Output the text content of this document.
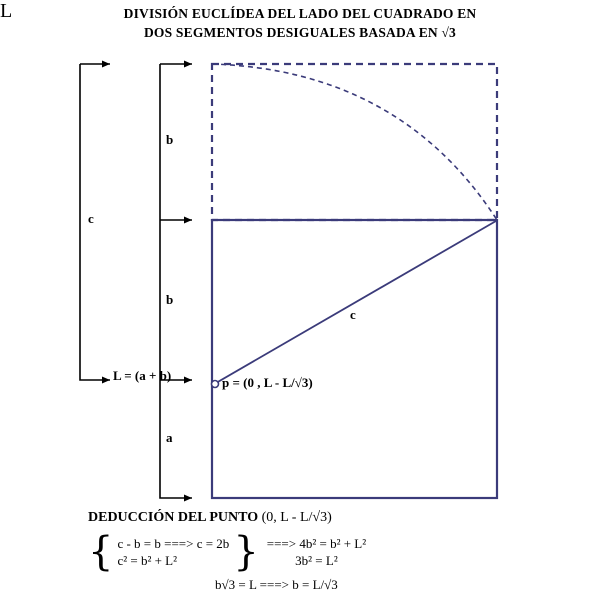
DIVISIÓN EUCLÍDEA DEL LADO DEL CUADRADO EN
DOS SEGMENTOS DESIGUALES BASADA EN √3
b
c
b
L = (a + b)
a
c
p = (0 , L - L/√3)
L
DEDUCCIÓN DEL PUNTO (0, L - L/√3)
{ c - b = b ===> c = 2b
c² = b² + L²	} ===> 4b² = b² + L²
3b² = L²
b√3 = L ===> b = L/√3
